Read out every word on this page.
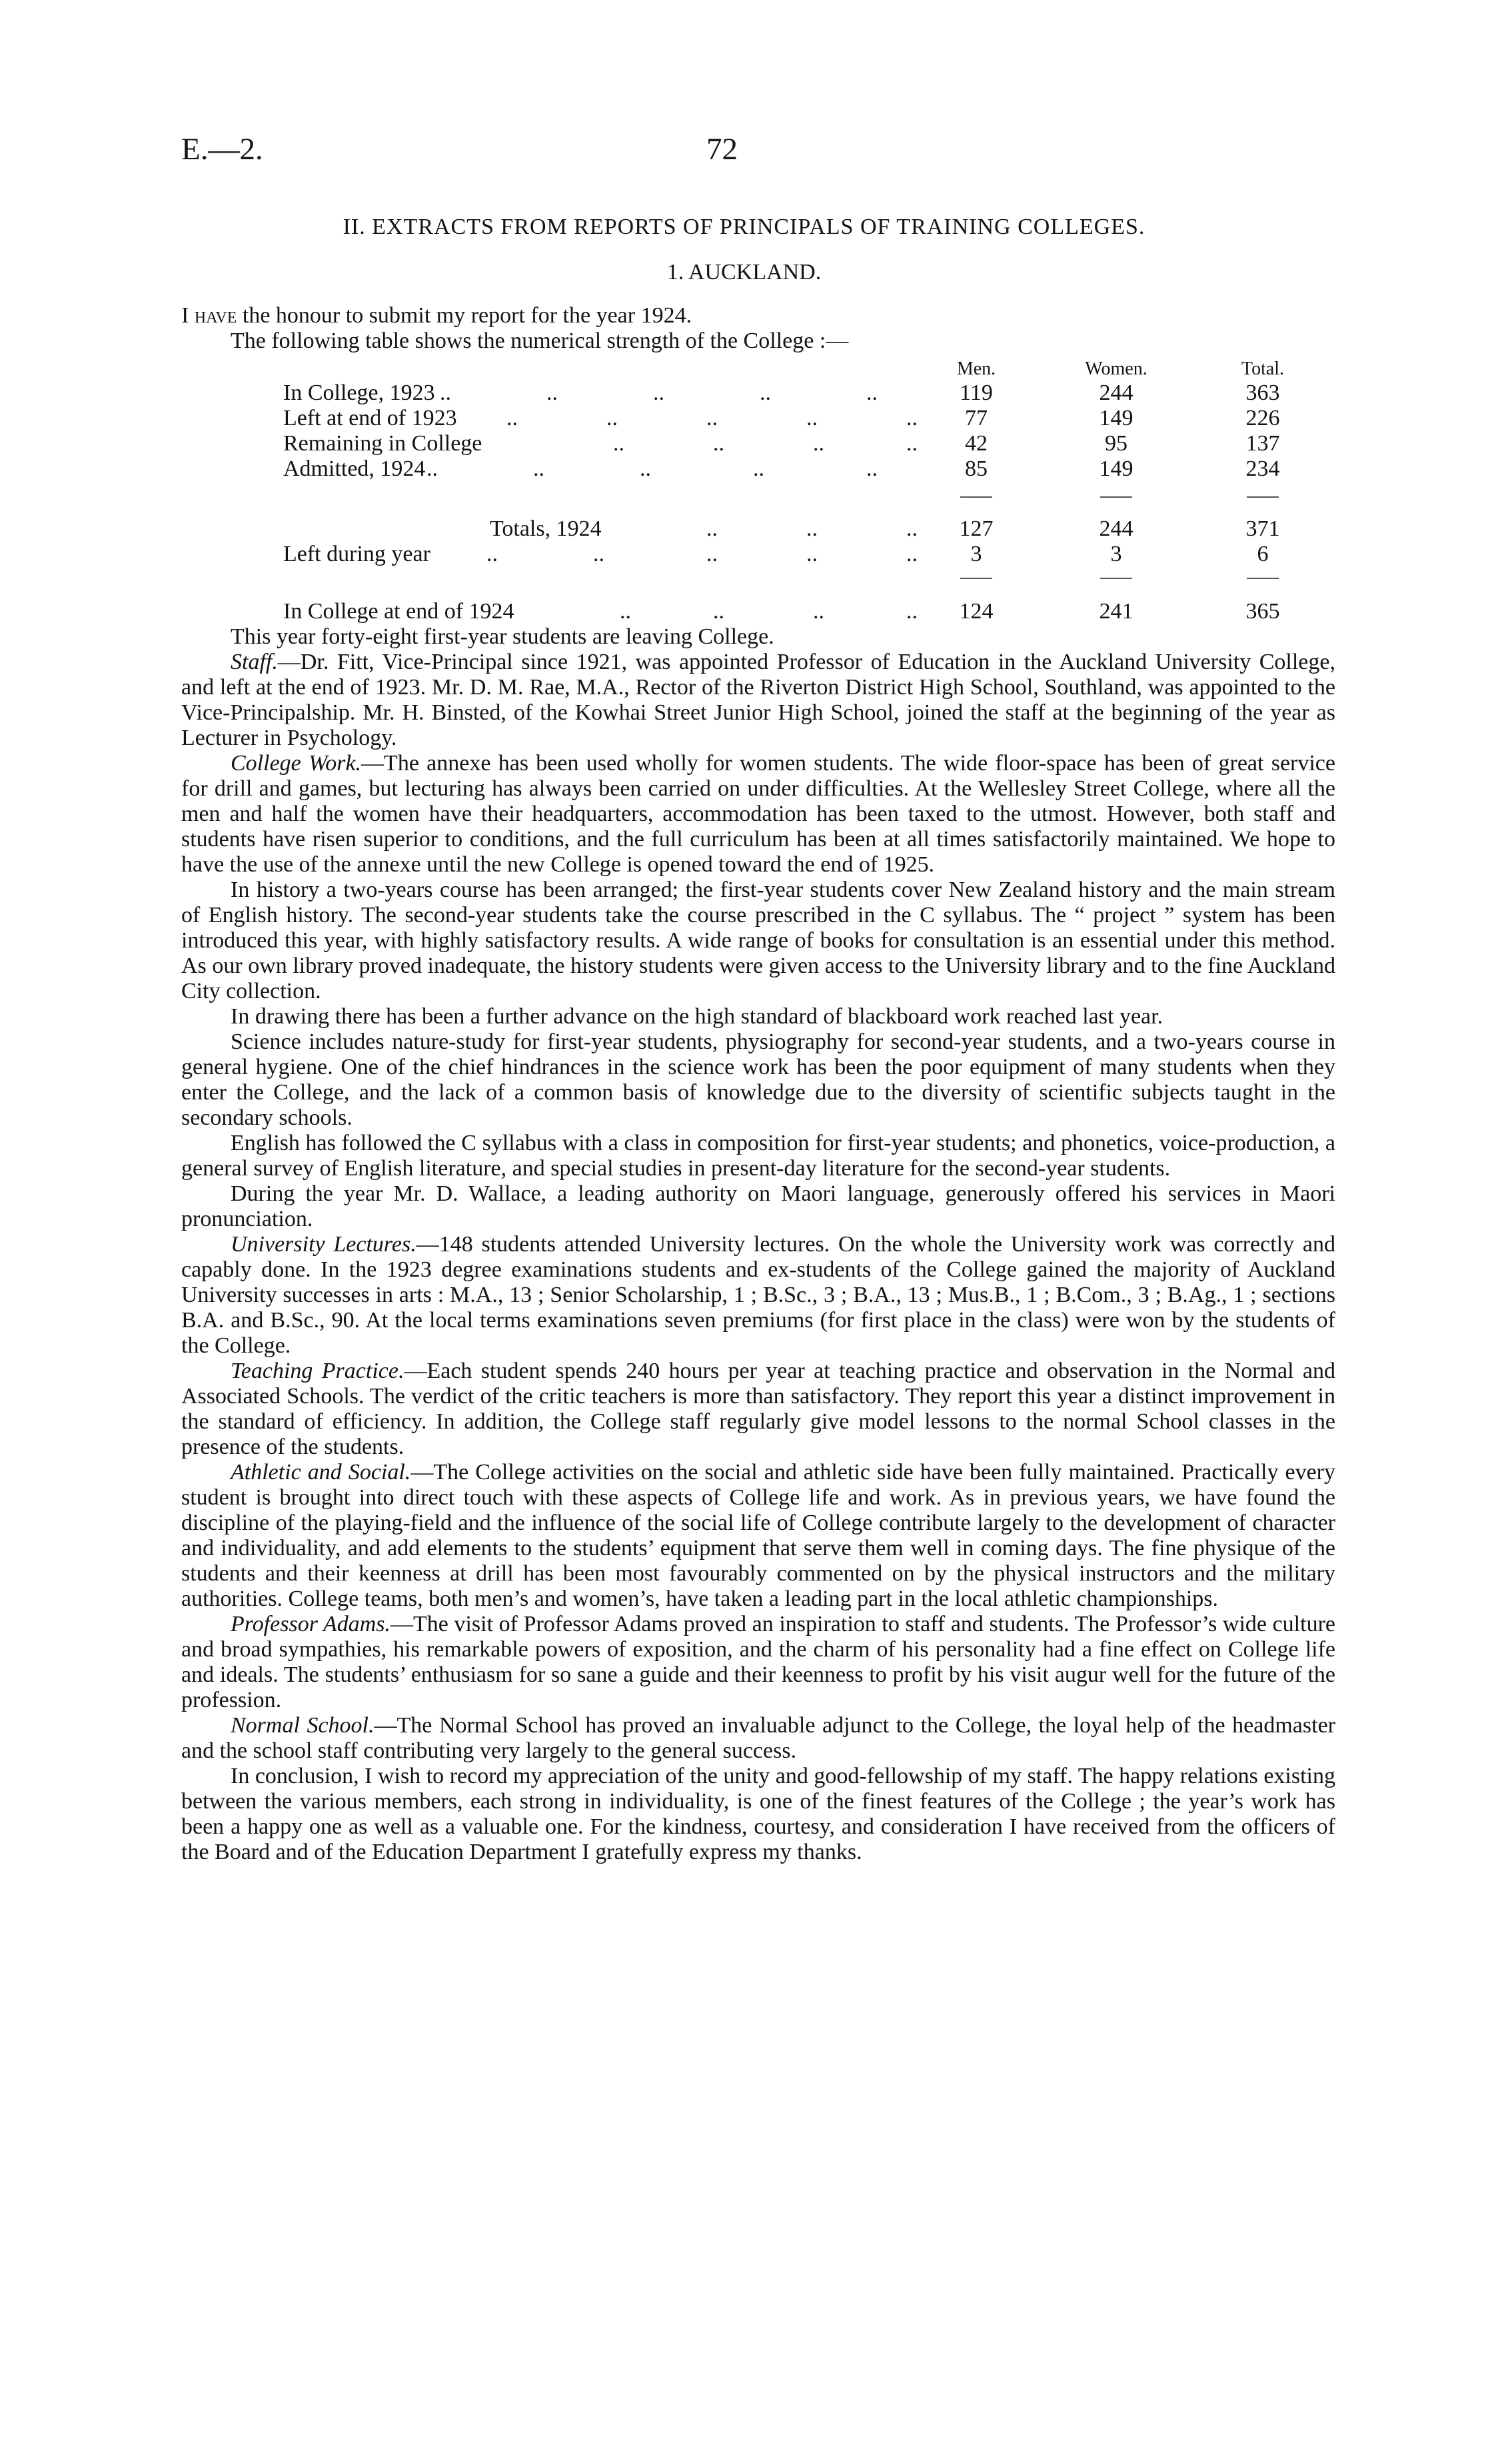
E.—2.	72
II. EXTRACTS FROM REPORTS OF PRINCIPALS OF TRAINING COLLEGES.
1. AUCKLAND.
I have the honour to submit my report for the year 1924.
The following table shows the numerical strength of the College :—
Men.	Women.	Total.
In College, 1923 ..	..	..	..	..	119	244	363
Left at end of 1923 ..	..	..	..	..	77	149	226
Remaining in College	..	..	..	..	42	95	137
Admitted, 1924 ..	..	..	..	..	85	149	234
Totals, 1924	..	..	..	127	244	371
Left during year ..	..	..	..	..	3	3	6
In College at end of 1924	..	..	..	..	124	241	365

This year forty-eight first-year students are leaving College.

Staff.—Dr. Fitt, Vice-Principal since 1921, was appointed Professor of Education in the Auckland University College, and left at the end of 1923. Mr. D. M. Rae, M.A., Rector of the Riverton District High School, Southland, was appointed to the Vice-Principalship. Mr. H. Binsted, of the Kowhai Street Junior High School, joined the staff at the beginning of the year as Lecturer in Psychology.

College Work.—The annexe has been used wholly for women students. The wide floor-space has been of great service for drill and games, but lecturing has always been carried on under difficulties. At the Wellesley Street College, where all the men and half the women have their headquarters, accommodation has been taxed to the utmost. However, both staff and students have risen superior to conditions, and the full curriculum has been at all times satisfactorily maintained. We hope to have the use of the annexe until the new College is opened toward the end of 1925.

In history a two-years course has been arranged; the first-year students cover New Zealand history and the main stream of English history. The second-year students take the course prescribed in the C syllabus. The “ project ” system has been introduced this year, with highly satisfactory results. A wide range of books for consultation is an essential under this method. As our own library proved inadequate, the history students were given access to the University library and to the fine Auckland City collection.

In drawing there has been a further advance on the high standard of blackboard work reached last year.

Science includes nature-study for first-year students, physiography for second-year students, and a two-years course in general hygiene. One of the chief hindrances in the science work has been the poor equipment of many students when they enter the College, and the lack of a common basis of knowledge due to the diversity of scientific subjects taught in the secondary schools.

English has followed the C syllabus with a class in composition for first-year students; and phonetics, voice-production, a general survey of English literature, and special studies in present-day literature for the second-year students.

During the year Mr. D. Wallace, a leading authority on Maori language, generously offered his services in Maori pronunciation.

University Lectures.—148 students attended University lectures. On the whole the University work was correctly and capably done. In the 1923 degree examinations students and ex-students of the College gained the majority of Auckland University successes in arts : M.A., 13 ; Senior Scholarship, 1 ; B.Sc., 3 ; B.A., 13 ; Mus.B., 1 ; B.Com., 3 ; B.Ag., 1 ; sections B.A. and B.Sc., 90. At the local terms examinations seven premiums (for first place in the class) were won by the students of the College.

Teaching Practice.—Each student spends 240 hours per year at teaching practice and observation in the Normal and Associated Schools. The verdict of the critic teachers is more than satisfactory. They report this year a distinct improvement in the standard of efficiency. In addition, the College staff regularly give model lessons to the normal School classes in the presence of the students.

Athletic and Social.—The College activities on the social and athletic side have been fully maintained. Practically every student is brought into direct touch with these aspects of College life and work. As in previous years, we have found the discipline of the playing-field and the influence of the social life of College contribute largely to the development of character and individuality, and add elements to the students’ equipment that serve them well in coming days. The fine physique of the students and their keenness at drill has been most favourably commented on by the physical instructors and the military authorities. College teams, both men’s and women’s, have taken a leading part in the local athletic championships.

Professor Adams.—The visit of Professor Adams proved an inspiration to staff and students. The Professor’s wide culture and broad sympathies, his remarkable powers of exposition, and the charm of his personality had a fine effect on College life and ideals. The students’ enthusiasm for so sane a guide and their keenness to profit by his visit augur well for the future of the profession.

Normal School.—The Normal School has proved an invaluable adjunct to the College, the loyal help of the headmaster and the school staff contributing very largely to the general success.

In conclusion, I wish to record my appreciation of the unity and good-fellowship of my staff. The happy relations existing between the various members, each strong in individuality, is one of the finest features of the College ; the year’s work has been a happy one as well as a valuable one. For the kindness, courtesy, and consideration I have received from the officers of the Board and of the Education Department I gratefully express my thanks.
